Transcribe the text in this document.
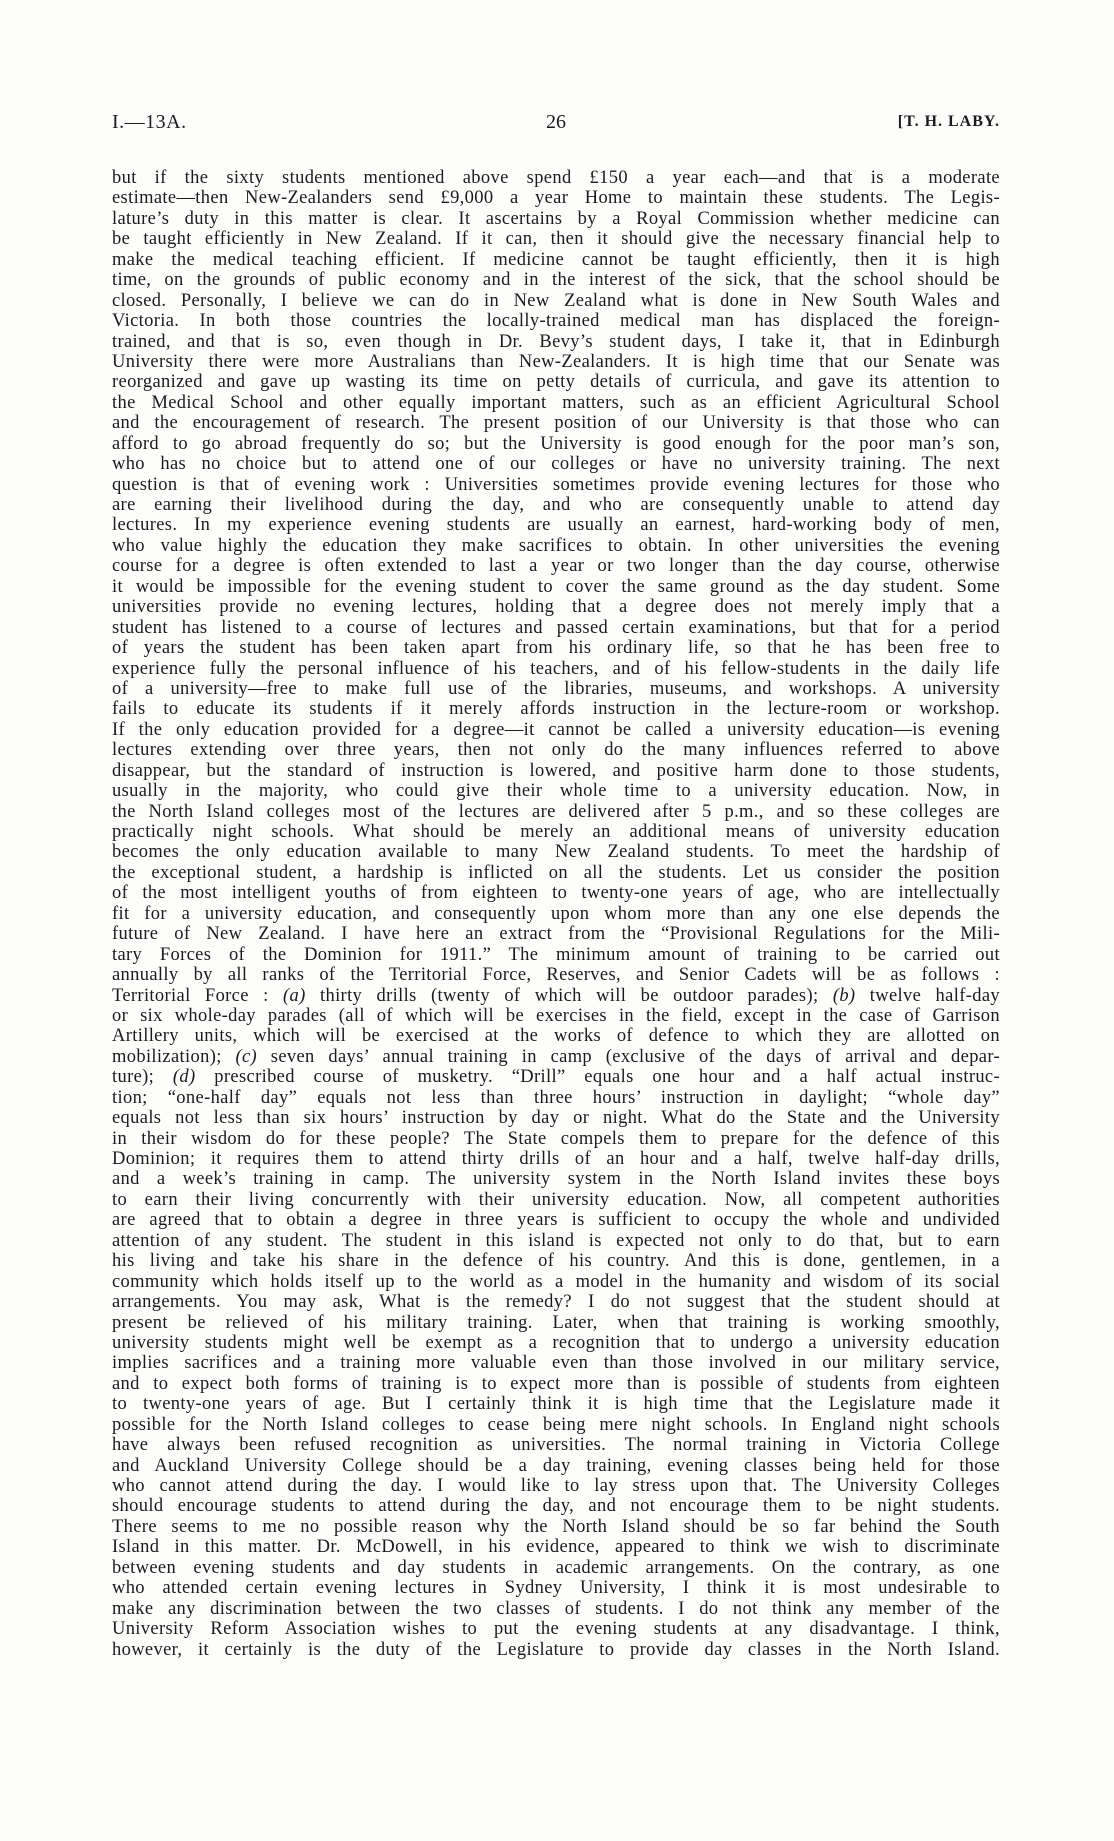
I.—13A.	26	[T. H. LABY.
but if the sixty students mentioned above spend £150 a year each—and that is a moderate
estimate—then New-Zealanders send £9,000 a year Home to maintain these students. The Legis-
lature’s duty in this matter is clear. It ascertains by a Royal Commission whether medicine can
be taught efficiently in New Zealand. If it can, then it should give the necessary financial help to
make the medical teaching efficient. If medicine cannot be taught efficiently, then it is high
time, on the grounds of public economy and in the interest of the sick, that the school should be
closed. Personally, I believe we can do in New Zealand what is done in New South Wales and
Victoria. In both those countries the locally-trained medical man has displaced the foreign-
trained, and that is so, even though in Dr. Bevy’s student days, I take it, that in Edinburgh
University there were more Australians than New-Zealanders. It is high time that our Senate was
reorganized and gave up wasting its time on petty details of curricula, and gave its attention to
the Medical School and other equally important matters, such as an efficient Agricultural School
and the encouragement of research. The present position of our University is that those who can
afford to go abroad frequently do so; but the University is good enough for the poor man’s son,
who has no choice but to attend one of our colleges or have no university training. The next
question is that of evening work : Universities sometimes provide evening lectures for those who
are earning their livelihood during the day, and who are consequently unable to attend day
lectures. In my experience evening students are usually an earnest, hard-working body of men,
who value highly the education they make sacrifices to obtain. In other universities the evening
course for a degree is often extended to last a year or two longer than the day course, otherwise
it would be impossible for the evening student to cover the same ground as the day student. Some
universities provide no evening lectures, holding that a degree does not merely imply that a
student has listened to a course of lectures and passed certain examinations, but that for a period
of years the student has been taken apart from his ordinary life, so that he has been free to
experience fully the personal influence of his teachers, and of his fellow-students in the daily life
of a university—free to make full use of the libraries, museums, and workshops. A university
fails to educate its students if it merely affords instruction in the lecture-room or workshop.
If the only education provided for a degree—it cannot be called a university education—is evening
lectures extending over three years, then not only do the many influences referred to above
disappear, but the standard of instruction is lowered, and positive harm done to those students,
usually in the majority, who could give their whole time to a university education. Now, in
the North Island colleges most of the lectures are delivered after 5 p.m., and so these colleges are
practically night schools. What should be merely an additional means of university education
becomes the only education available to many New Zealand students. To meet the hardship of
the exceptional student, a hardship is inflicted on all the students. Let us consider the position
of the most intelligent youths of from eighteen to twenty-one years of age, who are intellectually
fit for a university education, and consequently upon whom more than any one else depends the
future of New Zealand. I have here an extract from the “Provisional Regulations for the Mili-
tary Forces of the Dominion for 1911.” The minimum amount of training to be carried out
annually by all ranks of the Territorial Force, Reserves, and Senior Cadets will be as follows :
Territorial Force : (a) thirty drills (twenty of which will be outdoor parades); (b) twelve half-day
or six whole-day parades (all of which will be exercises in the field, except in the case of Garrison
Artillery units, which will be exercised at the works of defence to which they are allotted on
mobilization); (c) seven days’ annual training in camp (exclusive of the days of arrival and depar-
ture); (d) prescribed course of musketry. “Drill” equals one hour and a half actual instruc-
tion; “one-half day” equals not less than three hours’ instruction in daylight; “whole day”
equals not less than six hours’ instruction by day or night. What do the State and the University
in their wisdom do for these people? The State compels them to prepare for the defence of this
Dominion; it requires them to attend thirty drills of an hour and a half, twelve half-day drills,
and a week’s training in camp. The university system in the North Island invites these boys
to earn their living concurrently with their university education. Now, all competent authorities
are agreed that to obtain a degree in three years is sufficient to occupy the whole and undivided
attention of any student. The student in this island is expected not only to do that, but to earn
his living and take his share in the defence of his country. And this is done, gentlemen, in a
community which holds itself up to the world as a model in the humanity and wisdom of its social
arrangements. You may ask, What is the remedy? I do not suggest that the student should at
present be relieved of his military training. Later, when that training is working smoothly,
university students might well be exempt as a recognition that to undergo a university education
implies sacrifices and a training more valuable even than those involved in our military service,
and to expect both forms of training is to expect more than is possible of students from eighteen
to twenty-one years of age. But I certainly think it is high time that the Legislature made it
possible for the North Island colleges to cease being mere night schools. In England night schools
have always been refused recognition as universities. The normal training in Victoria College
and Auckland University College should be a day training, evening classes being held for those
who cannot attend during the day. I would like to lay stress upon that. The University Colleges
should encourage students to attend during the day, and not encourage them to be night students.
There seems to me no possible reason why the North Island should be so far behind the South
Island in this matter. Dr. McDowell, in his evidence, appeared to think we wish to discriminate
between evening students and day students in academic arrangements. On the contrary, as one
who attended certain evening lectures in Sydney University, I think it is most undesirable to
make any discrimination between the two classes of students. I do not think any member of the
University Reform Association wishes to put the evening students at any disadvantage. I think,
however, it certainly is the duty of the Legislature to provide day classes in the North Island.
